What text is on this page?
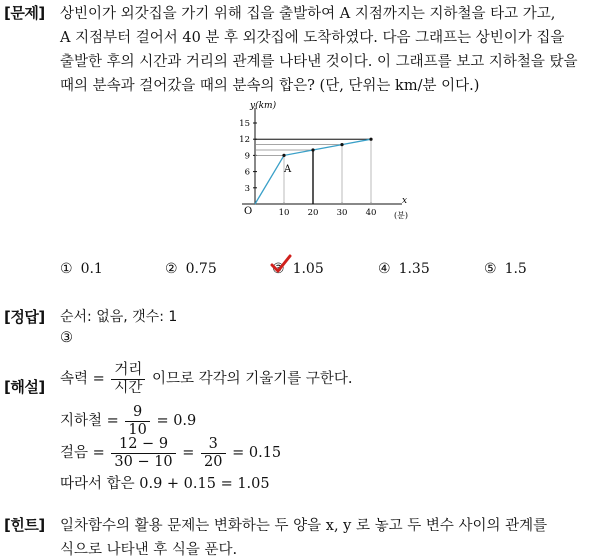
[문제] 상빈이가 외갓집을 가기 위해 집을 출발하여 A 지점까지는 지하철을 타고 가고,
A 지점부터 걸어서 40 분 후 외갓집에 도착하였다. 다음 그래프는 상빈이가 집을
출발한 후의 시간과 거리의 관계를 나타낸 것이다. 이 그래프를 보고 지하철을 탔을
때의 분속과 걸어갔을 때의 분속의 합은? (단, 단위는 km/분 이다.)
y(km)
x
(분)
O	10 20 30 40
15
12
9
6
3
A
① 0.1	② 0.75	③ 1.05	④ 1.35	⑤ 1.5
[정답] 순서: 없음, 갯수: 1
③
[해설] 속력 = $\frac{\text{거리}}{\text{시간}}$ 이므로 각각의 기울기를 구한다.
지하철 = $\frac{9}{10} = 0.9$
걸음 = $\frac{12 - 9}{30 - 10} = \frac{3}{20} = 0.15$
따라서 합은 0.9 + 0.15 = 1.05
[힌트] 일차함수의 활용 문제는 변화하는 두 양을 x, y 로 놓고 두 변수 사이의 관계를
식으로 나타낸 후 식을 푼다.
